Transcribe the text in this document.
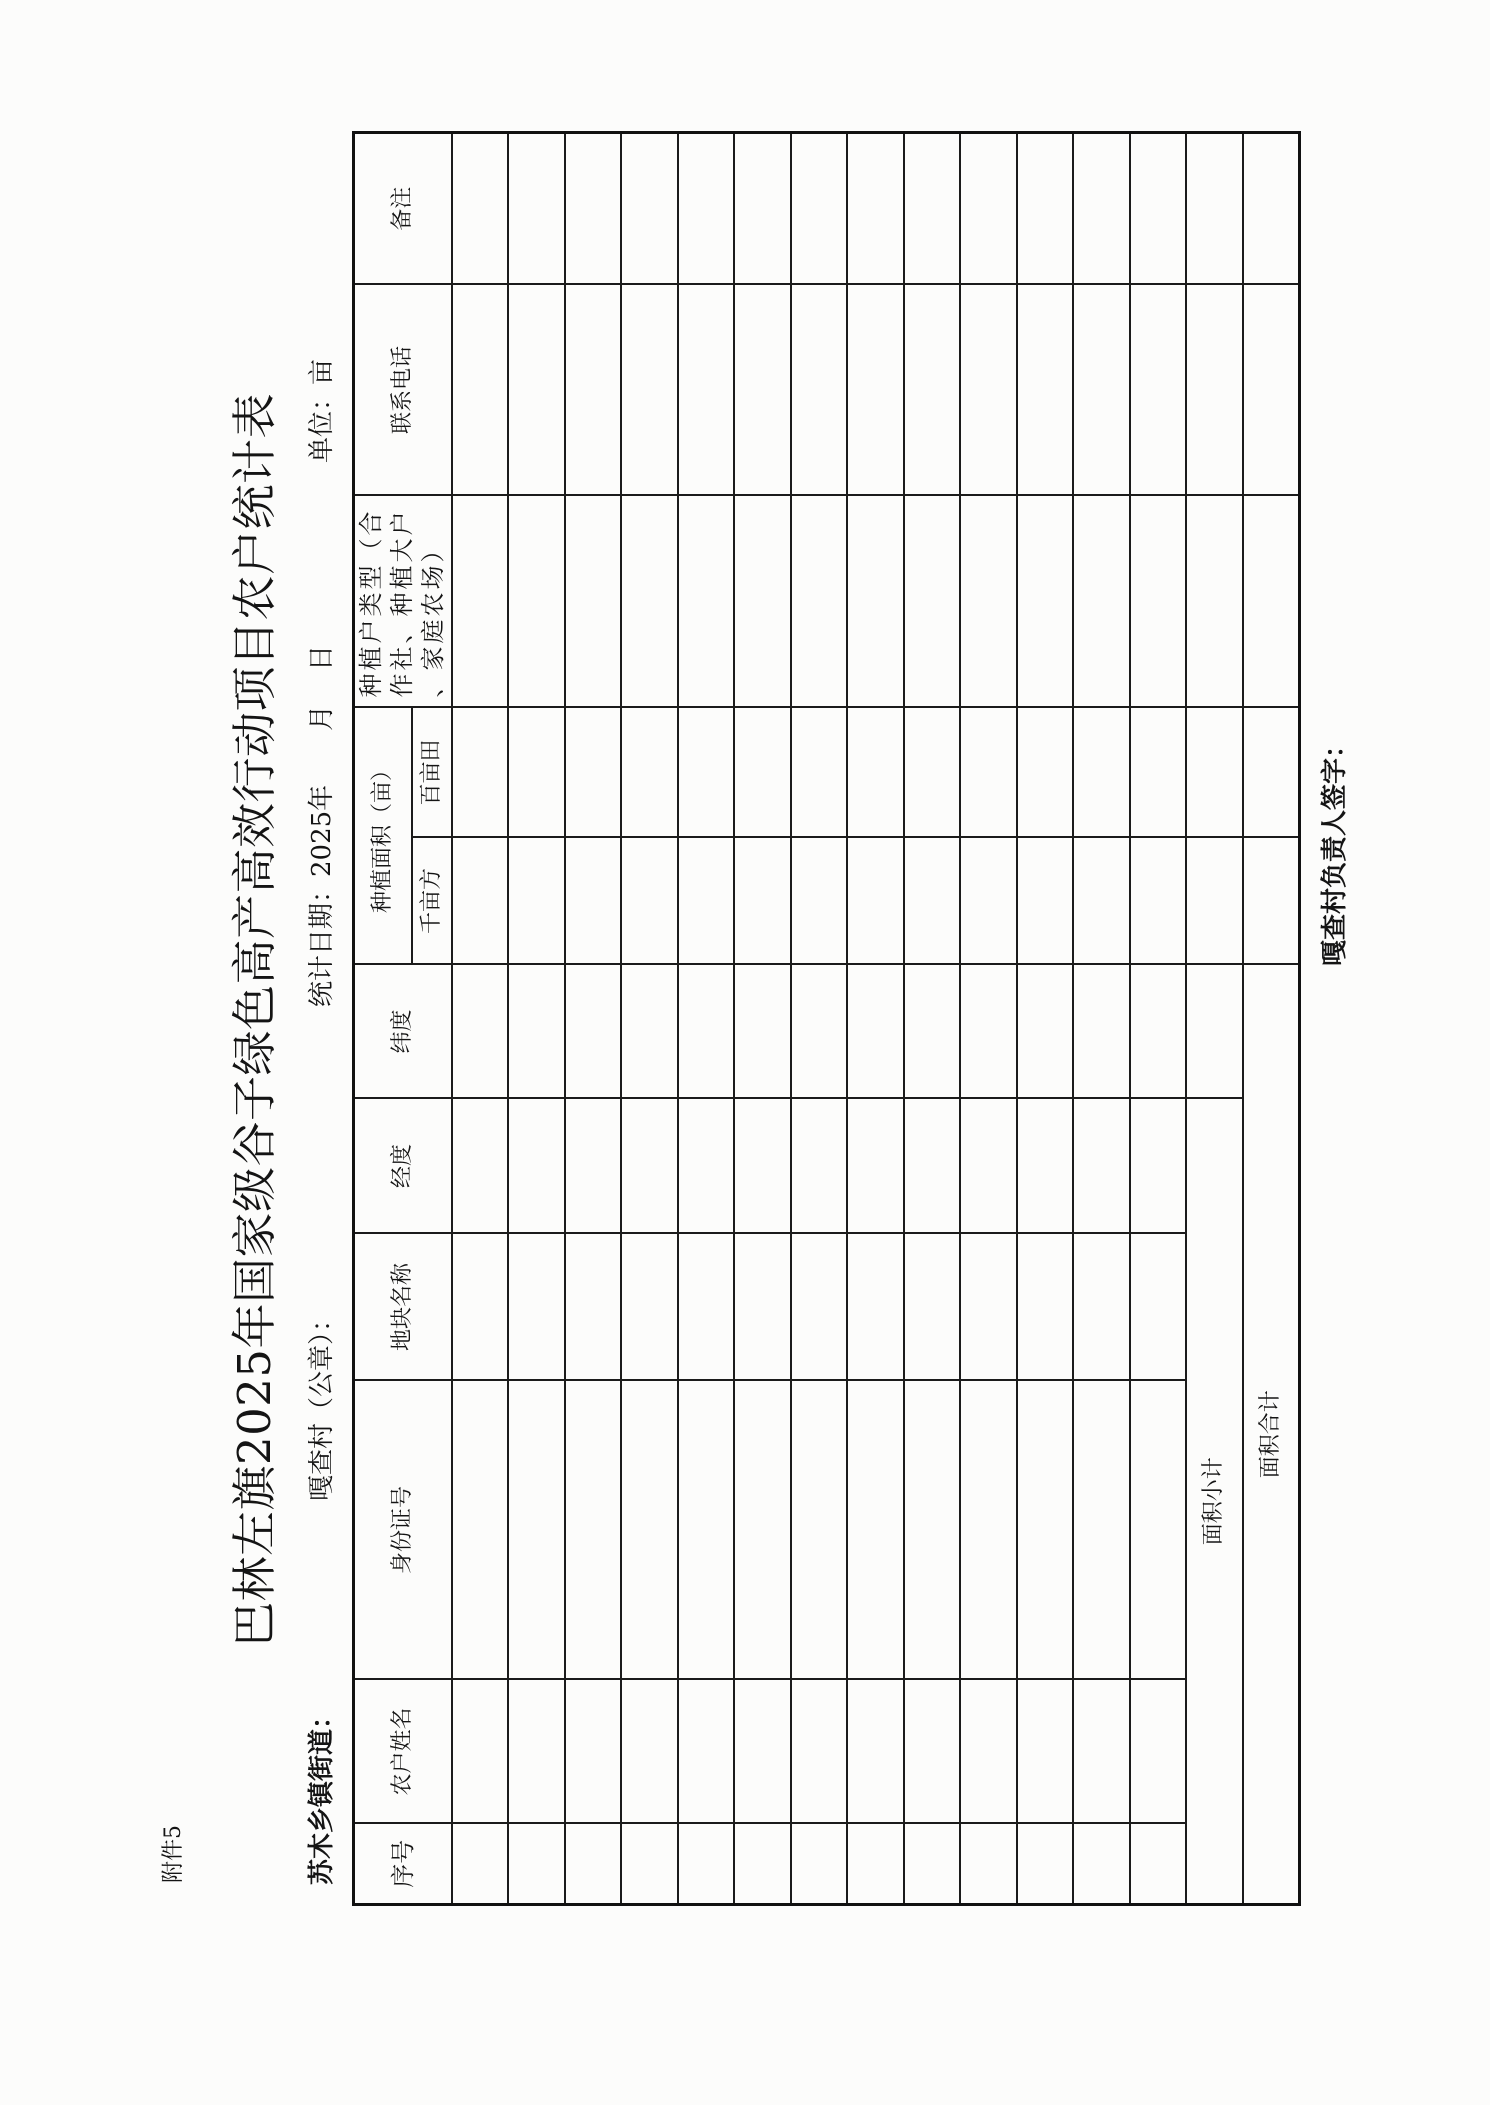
附件5
巴林左旗2025年国家级谷子绿色高产高效行动项目农户统计表
苏木乡镇街道：
嘎查村（公章）：
统计日期：2025年
月
日
单位：亩
序号	农户姓名	身份证号	地块名称	经度	纬度	种植面积（亩）		种植户类型（合作社、种植大户、家庭农场）	联系电话	备注
						千亩方	百亩田			

面积小计										
面积合计										
嘎查村负责人签字：
